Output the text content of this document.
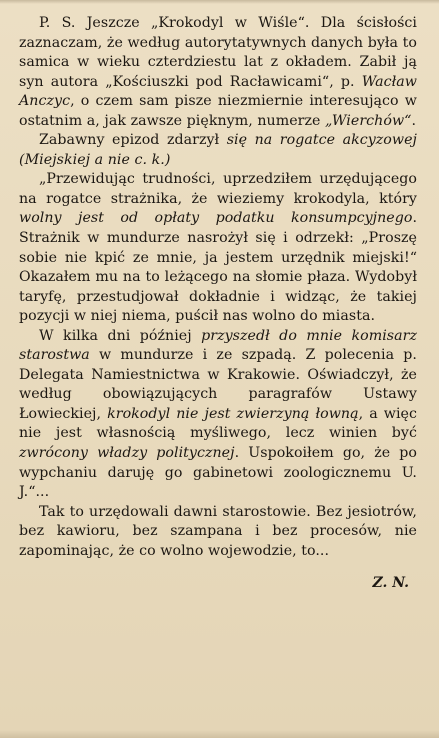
P. S. Jeszcze „Krokodyl w Wiśle“. Dla ścisłości zaznaczam, że według autorytatywnych danych była to samica w wieku czterdziestu lat z okładem. Zabił ją syn autora „Kościuszki pod Racławicami“, p. Wacław Anczyc, o czem sam pisze niezmiernie interesująco w ostatnim a, jak zawsze pięknym, numerze „Wierchów“.

Zabawny epizod zdarzył się na rogatce akcyzowej (Miejskiej a nie c. k.)

„Przewidując trudności, uprzedziłem urzędującego na rogatce strażnika, że wieziemy krokodyla, który wolny jest od opłaty podatku konsumpcyjnego. Strażnik w mundurze nasrożył się i odrzekł: „Proszę sobie nie kpić ze mnie, ja jestem urzędnik miejski!“ Okazałem mu na to leżącego na słomie płaza. Wydobył taryfę, przestudjował dokładnie i widząc, że takiej pozycji w niej niema, puścił nas wolno do miasta.

W kilka dni później przyszedł do mnie komisarz starostwa w mundurze i ze szpadą. Z polecenia p. Delegata Namiestnictwa w Krakowie. Oświadczył, że według obowiązujących paragrafów Ustawy Łowieckiej, krokodyl nie jest zwierzyną łowną, a więc nie jest własnością myśliwego, lecz winien być zwrócony władzy politycznej. Uspokoiłem go, że po wypchaniu daruję go gabinetowi zoologicznemu U. J.“...

Tak to urzędowali dawni starostowie. Bez jesiotrów, bez kawioru, bez szampana i bez procesów, nie zapominając, że co wolno wojewodzie, to...

Z. N.
